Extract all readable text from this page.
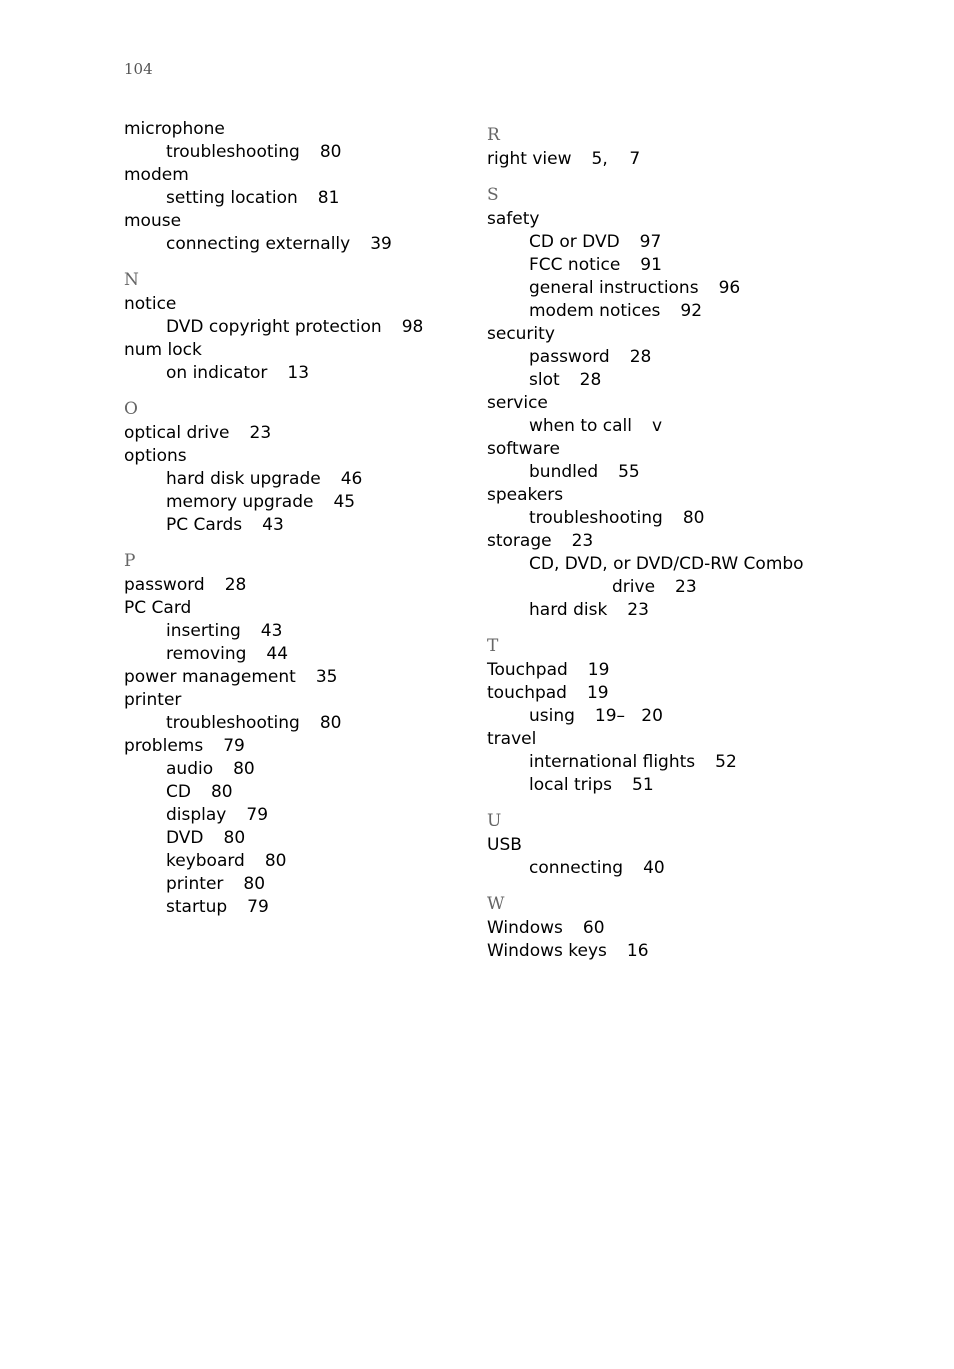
104
microphone
troubleshooting 80
modem
setting location 81
mouse
connecting externally 39
N
notice
DVD copyright protection 98
num lock
on indicator 13
O
optical drive 23
options
hard disk upgrade 46
memory upgrade 45
PC Cards 43
P
password 28
PC Card
inserting 43
removing 44
power management 35
printer
troubleshooting 80
problems 79
audio 80
CD 80
display 79
DVD 80
keyboard 80
printer 80
startup 79
R
right view 5,    7
S
safety
CD or DVD 97
FCC notice 91
general instructions 96
modem notices 92
security
password 28
slot 28
service
when to call v
software
bundled 55
speakers
troubleshooting 80
storage 23
CD, DVD, or DVD/CD-RW Combo
drive 23
hard disk 23
T
Touchpad 19
touchpad 19
using 19–   20
travel
international flights 52
local trips 51
U
USB
connecting 40
W
Windows 60
Windows keys 16
